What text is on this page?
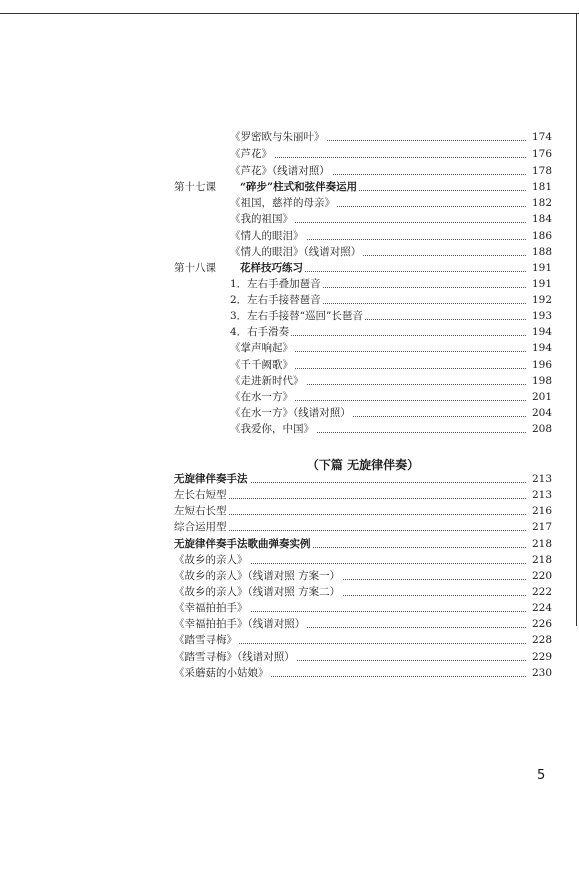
《罗密欧与朱丽叶》	174
《芦花》	176
《芦花》（线谱对照）	178
第十七课 “碎步”柱式和弦伴奏运用	181
《祖国，慈祥的母亲》	182
《我的祖国》	184
《情人的眼泪》	186
《情人的眼泪》（线谱对照）	188
第十八课 花样技巧练习	191
1．左右手叠加琶音	191
2．左右手接替琶音	192
3．左右手接替“巡回”长琶音	193
4．右手滑奏	194
《掌声响起》	194
《千千阙歌》	196
《走进新时代》	198
《在水一方》	201
《在水一方》（线谱对照）	204
《我爱你，中国》	208
（下篇 无旋律伴奏）
无旋律伴奏手法	213
左长右短型	213
左短右长型	216
综合运用型	217
无旋律伴奏手法歌曲弹奏实例	218
《故乡的亲人》	218
《故乡的亲人》（线谱对照 方案一）	220
《故乡的亲人》（线谱对照 方案二）	222
《幸福拍拍手》	224
《幸福拍拍手》（线谱对照）	226
《踏雪寻梅》	228
《踏雪寻梅》（线谱对照）	229
《采蘑菇的小姑娘》	230
5
